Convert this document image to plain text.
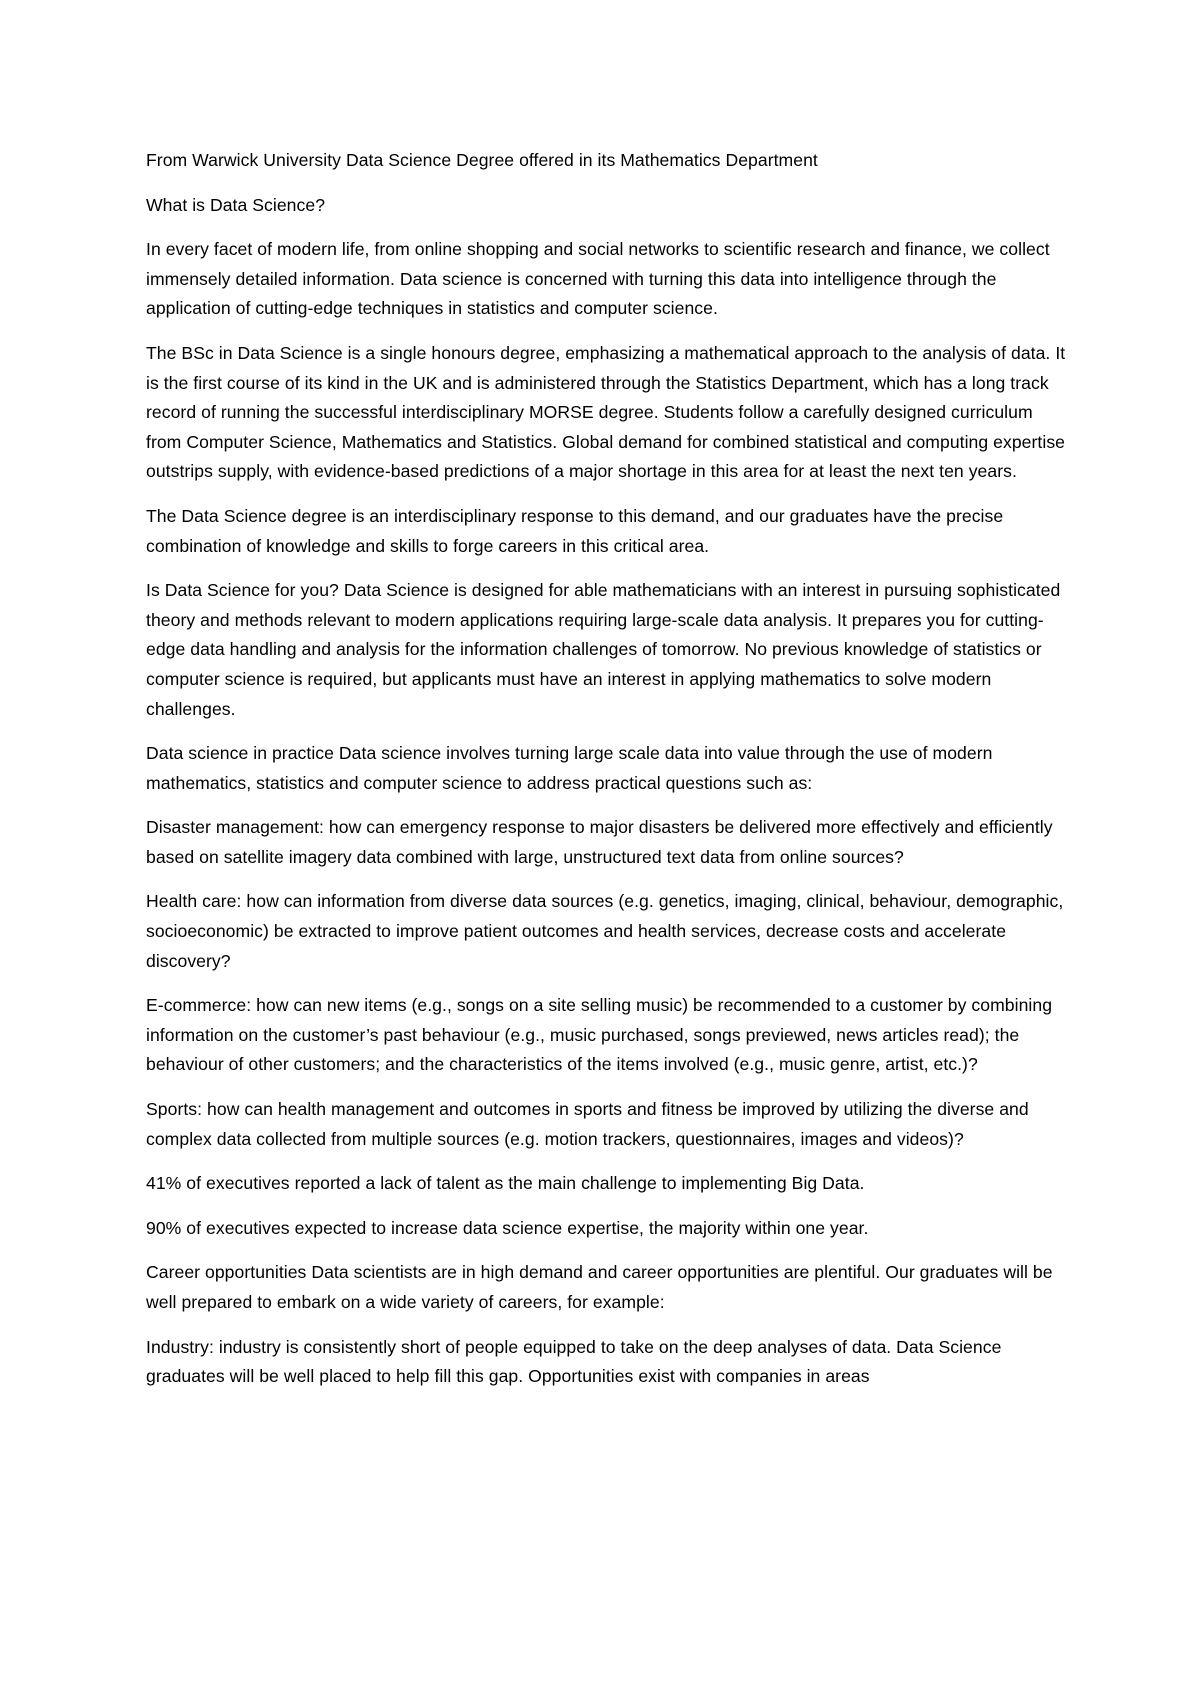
From Warwick University Data Science Degree offered in its Mathematics Department

What is Data Science?

In every facet of modern life, from online shopping and social networks to scientific research and finance, we collect immensely detailed information. Data science is concerned with turning this data into intelligence through the application of cutting-edge techniques in statistics and computer science.

The BSc in Data Science is a single honours degree, emphasizing a mathematical approach to the analysis of data. It is the first course of its kind in the UK and is administered through the Statistics Department, which has a long track record of running the successful interdisciplinary MORSE degree. Students follow a carefully designed curriculum from Computer Science, Mathematics and Statistics. Global demand for combined statistical and computing expertise outstrips supply, with evidence-based predictions of a major shortage in this area for at least the next ten years.

The Data Science degree is an interdisciplinary response to this demand, and our graduates have the precise combination of knowledge and skills to forge careers in this critical area.

Is Data Science for you? Data Science is designed for able mathematicians with an interest in pursuing sophisticated theory and methods relevant to modern applications requiring large-scale data analysis. It prepares you for cutting-edge data handling and analysis for the information challenges of tomorrow. No previous knowledge of statistics or computer science is required, but applicants must have an interest in applying mathematics to solve modern challenges.

Data science in practice Data science involves turning large scale data into value through the use of modern mathematics, statistics and computer science to address practical questions such as:

Disaster management: how can emergency response to major disasters be delivered more effectively and efficiently based on satellite imagery data combined with large, unstructured text data from online sources?

Health care: how can information from diverse data sources (e.g. genetics, imaging, clinical, behaviour, demographic, socioeconomic) be extracted to improve patient outcomes and health services, decrease costs and accelerate discovery?

E-commerce: how can new items (e.g., songs on a site selling music) be recommended to a customer by combining information on the customer’s past behaviour (e.g., music purchased, songs previewed, news articles read); the behaviour of other customers; and the characteristics of the items involved (e.g., music genre, artist, etc.)?

Sports: how can health management and outcomes in sports and fitness be improved by utilizing the diverse and complex data collected from multiple sources (e.g. motion trackers, questionnaires, images and videos)?

41% of executives reported a lack of talent as the main challenge to implementing Big Data.

90% of executives expected to increase data science expertise, the majority within one year.

Career opportunities Data scientists are in high demand and career opportunities are plentiful. Our graduates will be well prepared to embark on a wide variety of careers, for example:

Industry: industry is consistently short of people equipped to take on the deep analyses of data. Data Science graduates will be well placed to help fill this gap. Opportunities exist with companies in areas
